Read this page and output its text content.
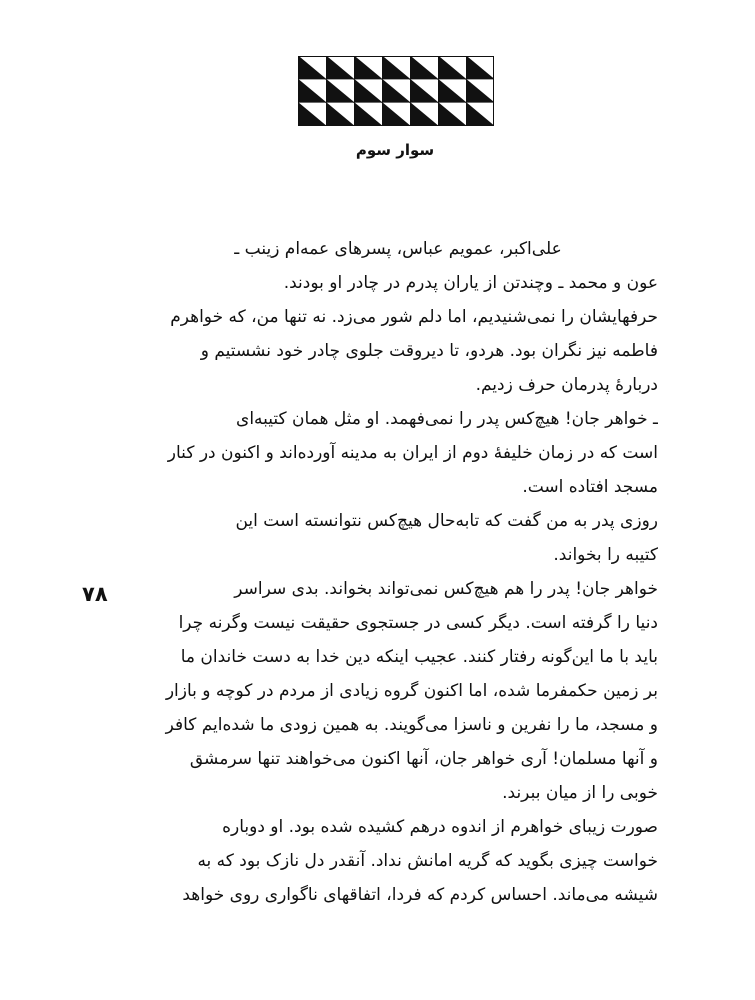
سوار سوم
۷۸
علی‌اکبر، عمویم عباس، پسرهای عمه‌ام زینب ـ
عون و محمد ـ وچندتن از یاران پدرم در چادر او بودند.
حرفهایشان را نمی‌شنیدیم، اما دلم شور می‌زد. نه تنها من، که خواهرم
فاطمه نیز نگران بود. هردو، تا دیروقت جلوی چادر خود نشستیم و
دربارهٔ پدرمان حرف زدیم.
ـ خواهر جان! هیچ‌کس پدر را نمی‌فهمد. او مثل همان کتیبه‌ای
است که در زمان خلیفهٔ دوم از ایران به مدینه آورده‌اند و اکنون در کنار
مسجد افتاده است.
روزی پدر به من گفت که تابه‌حال هیچ‌کس نتوانسته است این
کتیبه را بخواند.
خواهر جان! پدر را هم هیچ‌کس نمی‌تواند بخواند. بدی سراسر
دنیا را گرفته است. دیگر کسی در جستجوی حقیقت نیست وگرنه چرا
باید با ما این‌گونه رفتار کنند. عجیب اینکه دین خدا به دست خاندان ما
بر زمین حکمفرما شده، اما اکنون گروه زیادی از مردم در کوچه و بازار
و مسجد، ما را نفرین و ناسزا می‌گویند. به همین زودی ما شده‌ایم کافر
و آنها مسلمان! آری خواهر جان، آنها اکنون می‌خواهند تنها سرمشق
خوبی را از میان ببرند.
صورت زیبای خواهرم از اندوه درهم کشیده شده بود. او دوباره
خواست چیزی بگوید که گریه امانش نداد. آنقدر دل نازک بود که به
شیشه می‌ماند. احساس کردم که فردا، اتفاقهای ناگواری روی خواهد
